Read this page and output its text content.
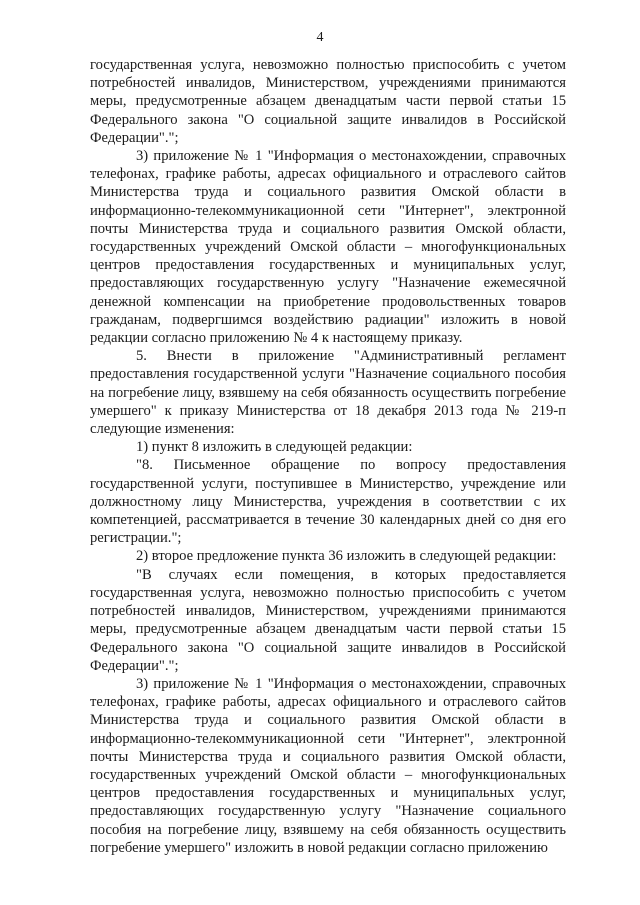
4

государственная услуга, невозможно полностью приспособить с учетом потребностей инвалидов, Министерством, учреждениями принимаются меры, предусмотренные абзацем двенадцатым части первой статьи 15 Федерального закона "О социальной защите инвалидов в Российской Федерации".";

3) приложение № 1 "Информация о местонахождении, справочных телефонах, графике работы, адресах официального и отраслевого сайтов Министерства труда и социального развития Омской области в информационно-телекоммуникационной сети "Интернет", электронной почты Министерства труда и социального развития Омской области, государственных учреждений Омской области – многофункциональных центров предоставления государственных и муниципальных услуг, предоставляющих государственную услугу "Назначение ежемесячной денежной компенсации на приобретение продовольственных товаров гражданам, подвергшимся воздействию радиации" изложить в новой редакции согласно приложению № 4 к настоящему приказу.

5. Внести в приложение "Административный регламент предоставления государственной услуги "Назначение социального пособия на погребение лицу, взявшему на себя обязанность осуществить погребение умершего" к приказу Министерства от 18 декабря 2013 года № 219-п следующие изменения:

1) пункт 8 изложить в следующей редакции:

"8. Письменное обращение по вопросу предоставления государственной услуги, поступившее в Министерство, учреждение или должностному лицу Министерства, учреждения в соответствии с их компетенцией, рассматривается в течение 30 календарных дней со дня его регистрации.";

2) второе предложение пункта 36 изложить в следующей редакции:

"В случаях если помещения, в которых предоставляется государственная услуга, невозможно полностью приспособить с учетом потребностей инвалидов, Министерством, учреждениями принимаются меры, предусмотренные абзацем двенадцатым части первой статьи 15 Федерального закона "О социальной защите инвалидов в Российской Федерации".";

3) приложение № 1 "Информация о местонахождении, справочных телефонах, графике работы, адресах официального и отраслевого сайтов Министерства труда и социального развития Омской области в информационно-телекоммуникационной сети "Интернет", электронной почты Министерства труда и социального развития Омской области, государственных учреждений Омской области – многофункциональных центров предоставления государственных и муниципальных услуг, предоставляющих государственную услугу "Назначение социального пособия на погребение лицу, взявшему на себя обязанность осуществить погребение умершего" изложить в новой редакции согласно приложению
